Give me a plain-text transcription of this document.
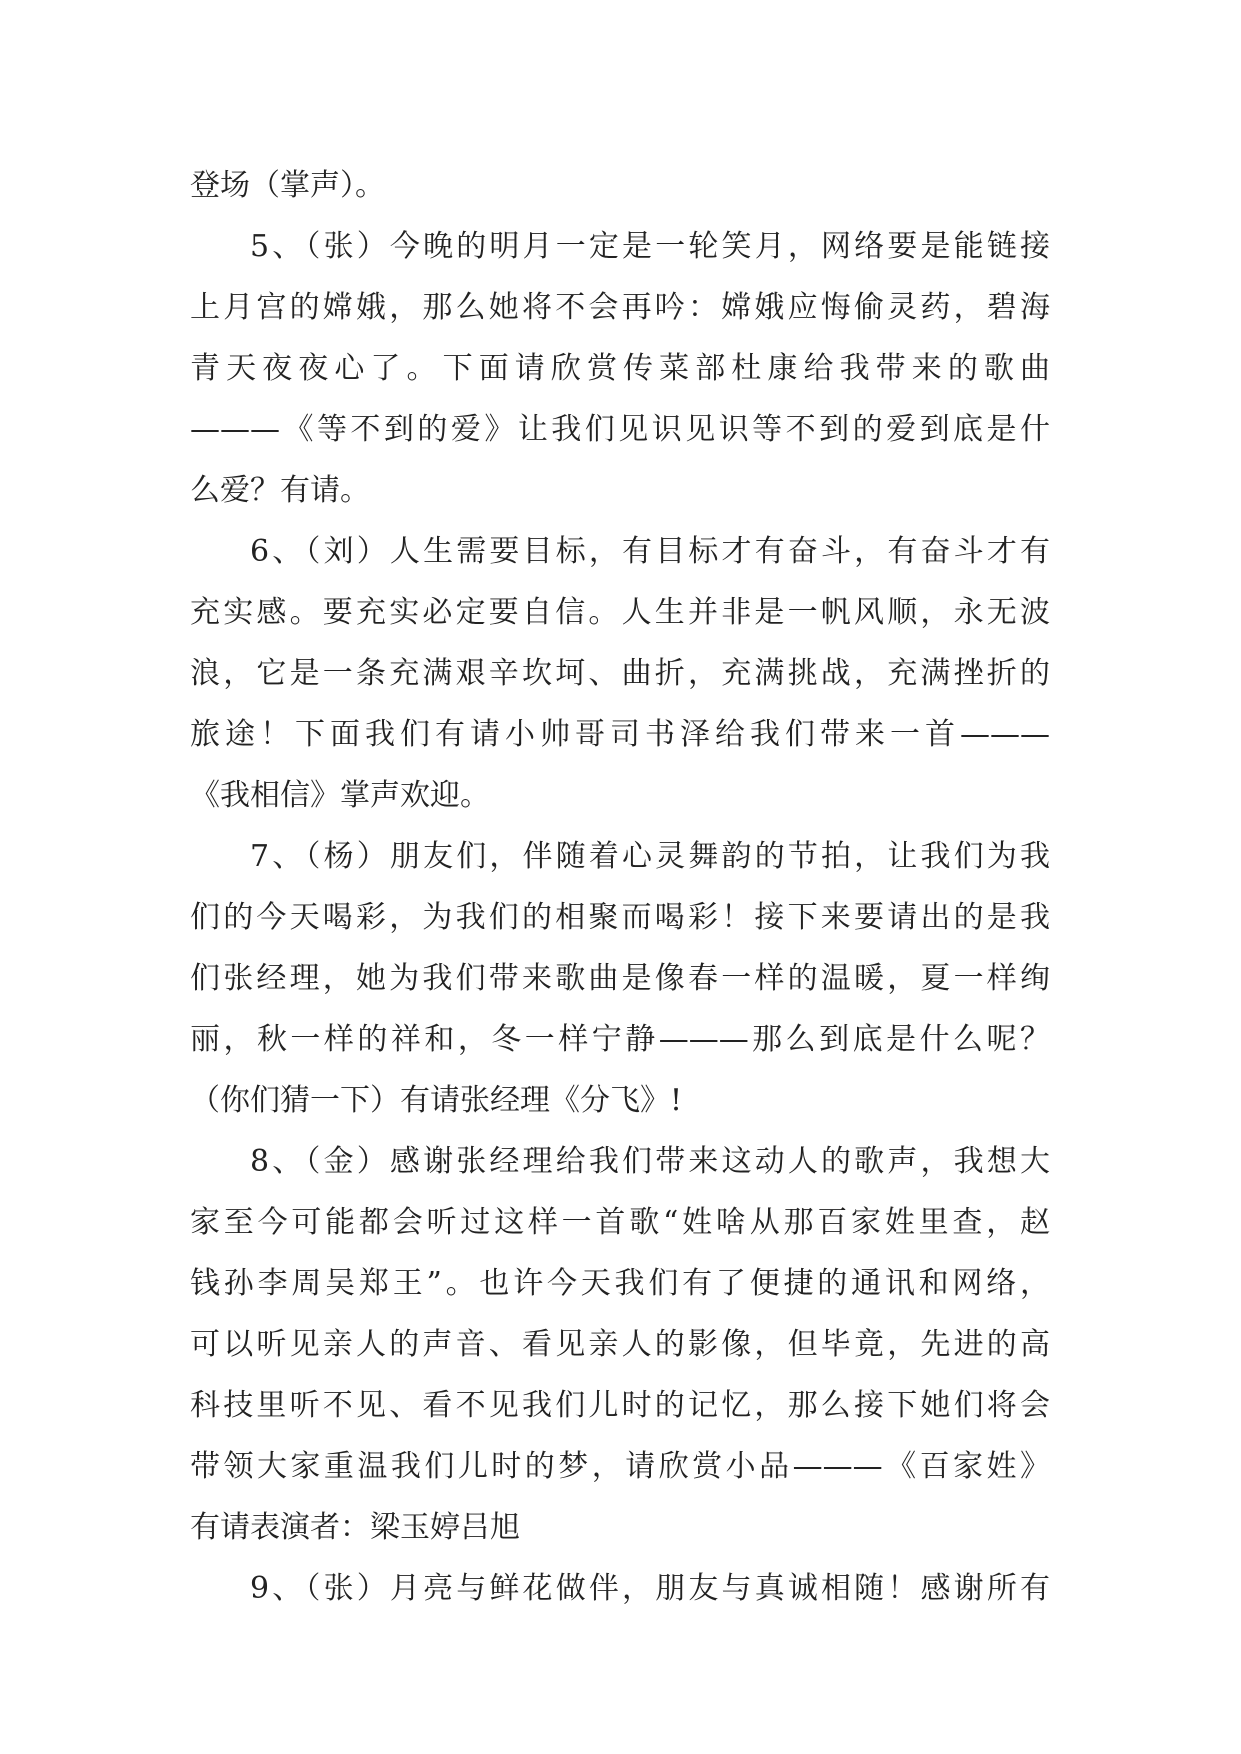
登场（掌声）。
5、（张）今晚的明月一定是一轮笑月，网络要是能链接
上月宫的嫦娥，那么她将不会再吟：嫦娥应悔偷灵药，碧海
青天夜夜心了。下面请欣赏传菜部杜康给我带来的歌曲
———《等不到的爱》让我们见识见识等不到的爱到底是什
么爱？有请。
6、（刘）人生需要目标，有目标才有奋斗，有奋斗才有
充实感。要充实必定要自信。人生并非是一帆风顺，永无波
浪，它是一条充满艰辛坎坷、曲折，充满挑战，充满挫折的
旅途！下面我们有请小帅哥司书泽给我们带来一首———
《我相信》掌声欢迎。
7、（杨）朋友们，伴随着心灵舞韵的节拍，让我们为我
们的今天喝彩，为我们的相聚而喝彩！接下来要请出的是我
们张经理，她为我们带来歌曲是像春一样的温暖，夏一样绚
丽，秋一样的祥和，冬一样宁静———那么到底是什么呢？
（你们猜一下）有请张经理《分飞》!
8、（金）感谢张经理给我们带来这动人的歌声，我想大
家至今可能都会听过这样一首歌“姓啥从那百家姓里查，赵
钱孙李周吴郑王”。也许今天我们有了便捷的通讯和网络，
可以听见亲人的声音、看见亲人的影像，但毕竟，先进的高
科技里听不见、看不见我们儿时的记忆，那么接下她们将会
带领大家重温我们儿时的梦，请欣赏小品———《百家姓》
有请表演者：梁玉婷吕旭
9、（张）月亮与鲜花做伴，朋友与真诚相随！感谢所有
